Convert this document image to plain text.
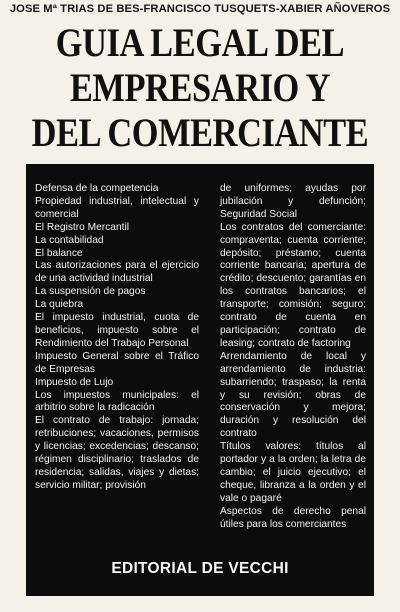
JOSE Mª TRIAS DE BES-FRANCISCO TUSQUETS-XABIER AÑOVEROS
GUIA LEGAL DEL
EMPRESARIO Y
DEL COMERCIANTE

Defensa de la competencia

Propiedad industrial, intelectual y comercial

El Registro Mercantil

La contabilidad

El balance

Las autorizaciones para el ejercicio de una actividad industrial

La suspensión de pagos

La quiebra

El impuesto industrial, cuota de beneficios, impuesto sobre el Rendimiento del Trabajo Personal

Impuesto General sobre el Tráfico de Empresas

Impuesto de Lujo

Los impuestos municipales: el arbitrio sobre la radicación

El contrato de trabajo: jornada; retribuciones; vacaciones, permisos y licencias; excedencias; descanso; régimen disciplinario; traslados de residencia; salidas, viajes y dietas; servicio militar; provisión

de uniformes; ayudas por jubilación y defunción; Seguridad Social

Los contratos del comerciante: compraventa; cuenta corriente; depósito; préstamo; cuenta corriente bancaria; apertura de crédito; descuento; garantías en los contratos bancarios; el transporte; comisión; seguro; contrato de cuenta en participación; contrato de leasing; contrato de factoring

Arrendamiento de local y arrendamiento de industria: subarriendo; traspaso; la renta y su revisión; obras de conservación y mejora; duración y resolución del contrato

Títulos valores: títulos al portador y a la orden; la letra de cambio; el juicio ejecutivo; el cheque, libranza a la orden y el vale o pagaré

Aspectos de derecho penal útiles para los comerciantes

EDITORIAL DE VECCHI
